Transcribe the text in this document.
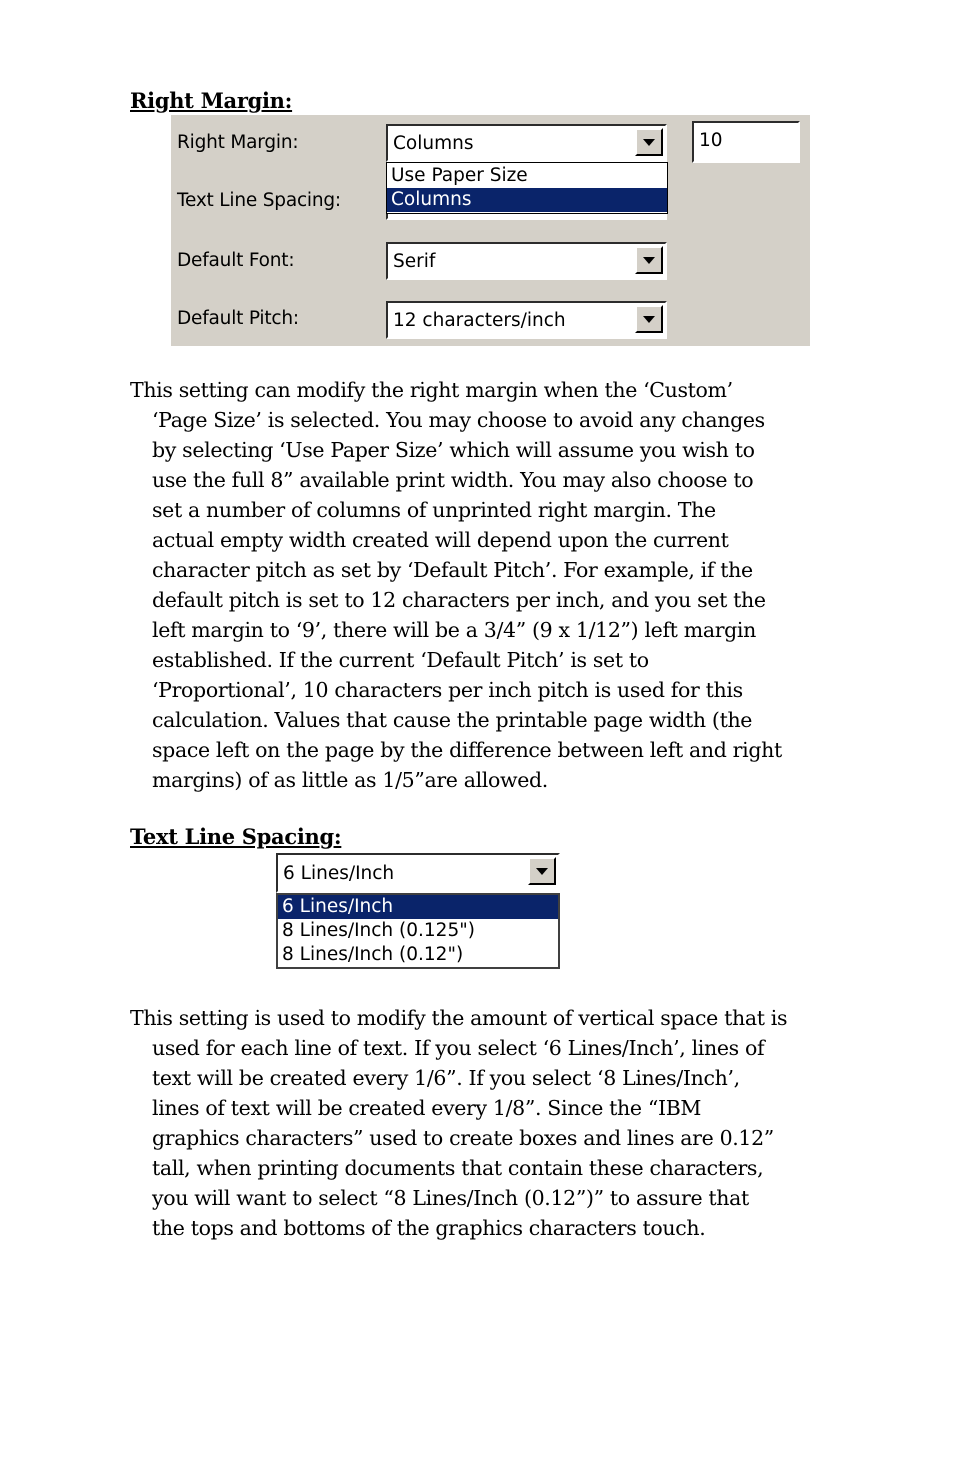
Right Margin:
Right Margin:
Text Line Spacing:
Default Font:
Default Pitch:
Columns
Serif
12 characters/inch
10
Use Paper Size
Columns

This setting can modify the right margin when the ‘Custom’
‘Page Size’ is selected. You may choose to avoid any changes
by selecting ‘Use Paper Size’ which will assume you wish to
use the full 8” available print width. You may also choose to
set a number of columns of unprinted right margin. The
actual empty width created will depend upon the current
character pitch as set by ‘Default Pitch’. For example, if the
default pitch is set to 12 characters per inch, and you set the
left margin to ‘9’, there will be a 3/4” (9 x 1/12”) left margin
established. If the current ‘Default Pitch’ is set to
‘Proportional’, 10 characters per inch pitch is used for this
calculation. Values that cause the printable page width (the
space left on the page by the difference between left and right
margins) of as little as 1/5”are allowed.

Text Line Spacing:
6 Lines/Inch
6 Lines/Inch
8 Lines/Inch (0.125")
8 Lines/Inch (0.12")

This setting is used to modify the amount of vertical space that is
used for each line of text. If you select ‘6 Lines/Inch’, lines of
text will be created every 1/6”. If you select ‘8 Lines/Inch’,
lines of text will be created every 1/8”. Since the “IBM
graphics characters” used to create boxes and lines are 0.12”
tall, when printing documents that contain these characters,
you will want to select “8 Lines/Inch (0.12”)” to assure that
the tops and bottoms of the graphics characters touch.
